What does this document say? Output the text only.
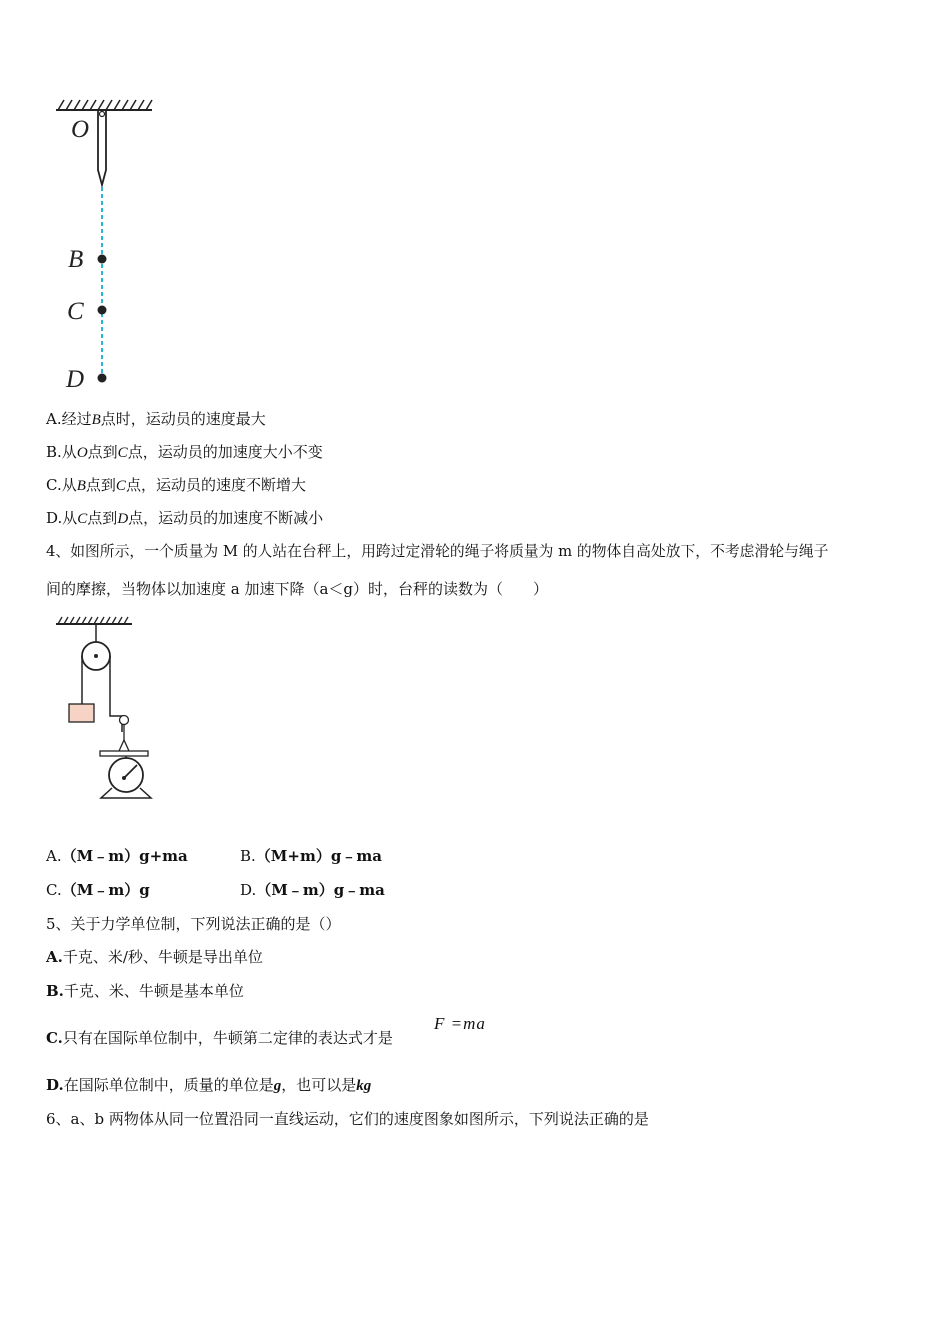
O
B
C
D
A.经过B点时，运动员的速度最大
B.从O点到C点，运动员的加速度大小不变
C.从B点到C点，运动员的速度不断增大
D.从C点到D点，运动员的加速度不断减小
4、如图所示，一个质量为 M 的人站在台秤上，用跨过定滑轮的绳子将质量为 m 的物体自高处放下，不考虑滑轮与绳子
间的摩擦，当物体以加速度 a 加速下降（a＜g）时，台秤的读数为（　　）
A.（M﹣m）g+ma	B.（M+m）g﹣ma
C.（M﹣m）g	D.（M﹣m）g﹣ma
5、关于力学单位制，下列说法正确的是（）
A.千克、米/秒、牛顿是导出单位
B.千克、米、牛顿是基本单位
C.只有在国际单位制中，牛顿第二定律的表达式才是
F =ma
D.在国际单位制中，质量的单位是g，也可以是kg
6、a、b 两物体从同一位置沿同一直线运动，它们的速度图象如图所示，下列说法正确的是
